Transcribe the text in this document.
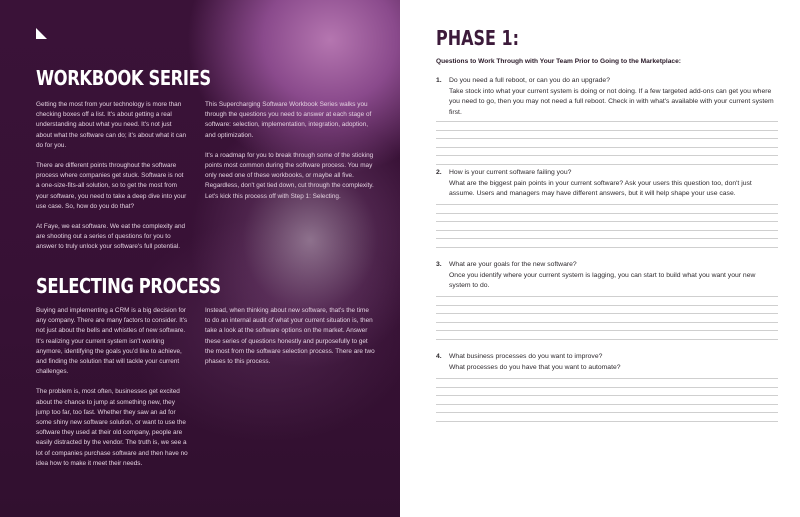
WORKBOOK SERIES

Getting the most from your technology is more than checking boxes off a list. It's about getting a real understanding about what you need. It's not just about what the software can do; it's about what it can do for you.

There are different points throughout the software process where companies get stuck. Software is not a one-size-fits-all solution, so to get the most from your software, you need to take a deep dive into your use case. So, how do you do that?

At Faye, we eat software. We eat the complexity and are shooting out a series of questions for you to answer to truly unlock your software's full potential.

This Supercharging Software Workbook Series walks you through the questions you need to answer at each stage of software: selection, implementation, integration, adoption, and optimization.

It's a roadmap for you to break through some of the sticking points most common during the software process. You may only need one of these workbooks, or maybe all five. Regardless, don't get tied down, cut through the complexity. Let's kick this process off with Step 1: Selecting.

SELECTING PROCESS

Buying and implementing a CRM is a big decision for any company. There are many factors to consider. It's not just about the bells and whistles of new software. It's realizing your current system isn't working anymore, identifying the goals you'd like to achieve, and finding the solution that will tackle your current challenges.

The problem is, most often, businesses get excited about the chance to jump at something new, they jump too far, too fast. Whether they saw an ad for some shiny new software solution, or want to use the software they used at their old company, people are easily distracted by the vendor. The truth is, we see a lot of companies purchase software and then have no idea how to make it meet their needs.

Instead, when thinking about new software, that's the time to do an internal audit of what your current situation is, then take a look at the software options on the market. Answer these series of questions honestly and purposefully to get the most from the software selection process. There are two phases to this process.

PHASE 1:
Questions to Work Through with Your Team Prior to Going to the Marketplace:
1. Do you need a full reboot, or can you do an upgrade?
Take stock into what your current system is doing or not doing. If a few targeted add-ons can get you where you need to go, then you may not need a full reboot. Check in with what's available with your current system first.
2. How is your current software failing you?
What are the biggest pain points in your current software? Ask your users this question too, don't just assume. Users and managers may have different answers, but it will help shape your use case.
3. What are your goals for the new software?
Once you identify where your current system is lagging, you can start to build what you want your new system to do.
4. What business processes do you want to improve?
What processes do you have that you want to automate?
